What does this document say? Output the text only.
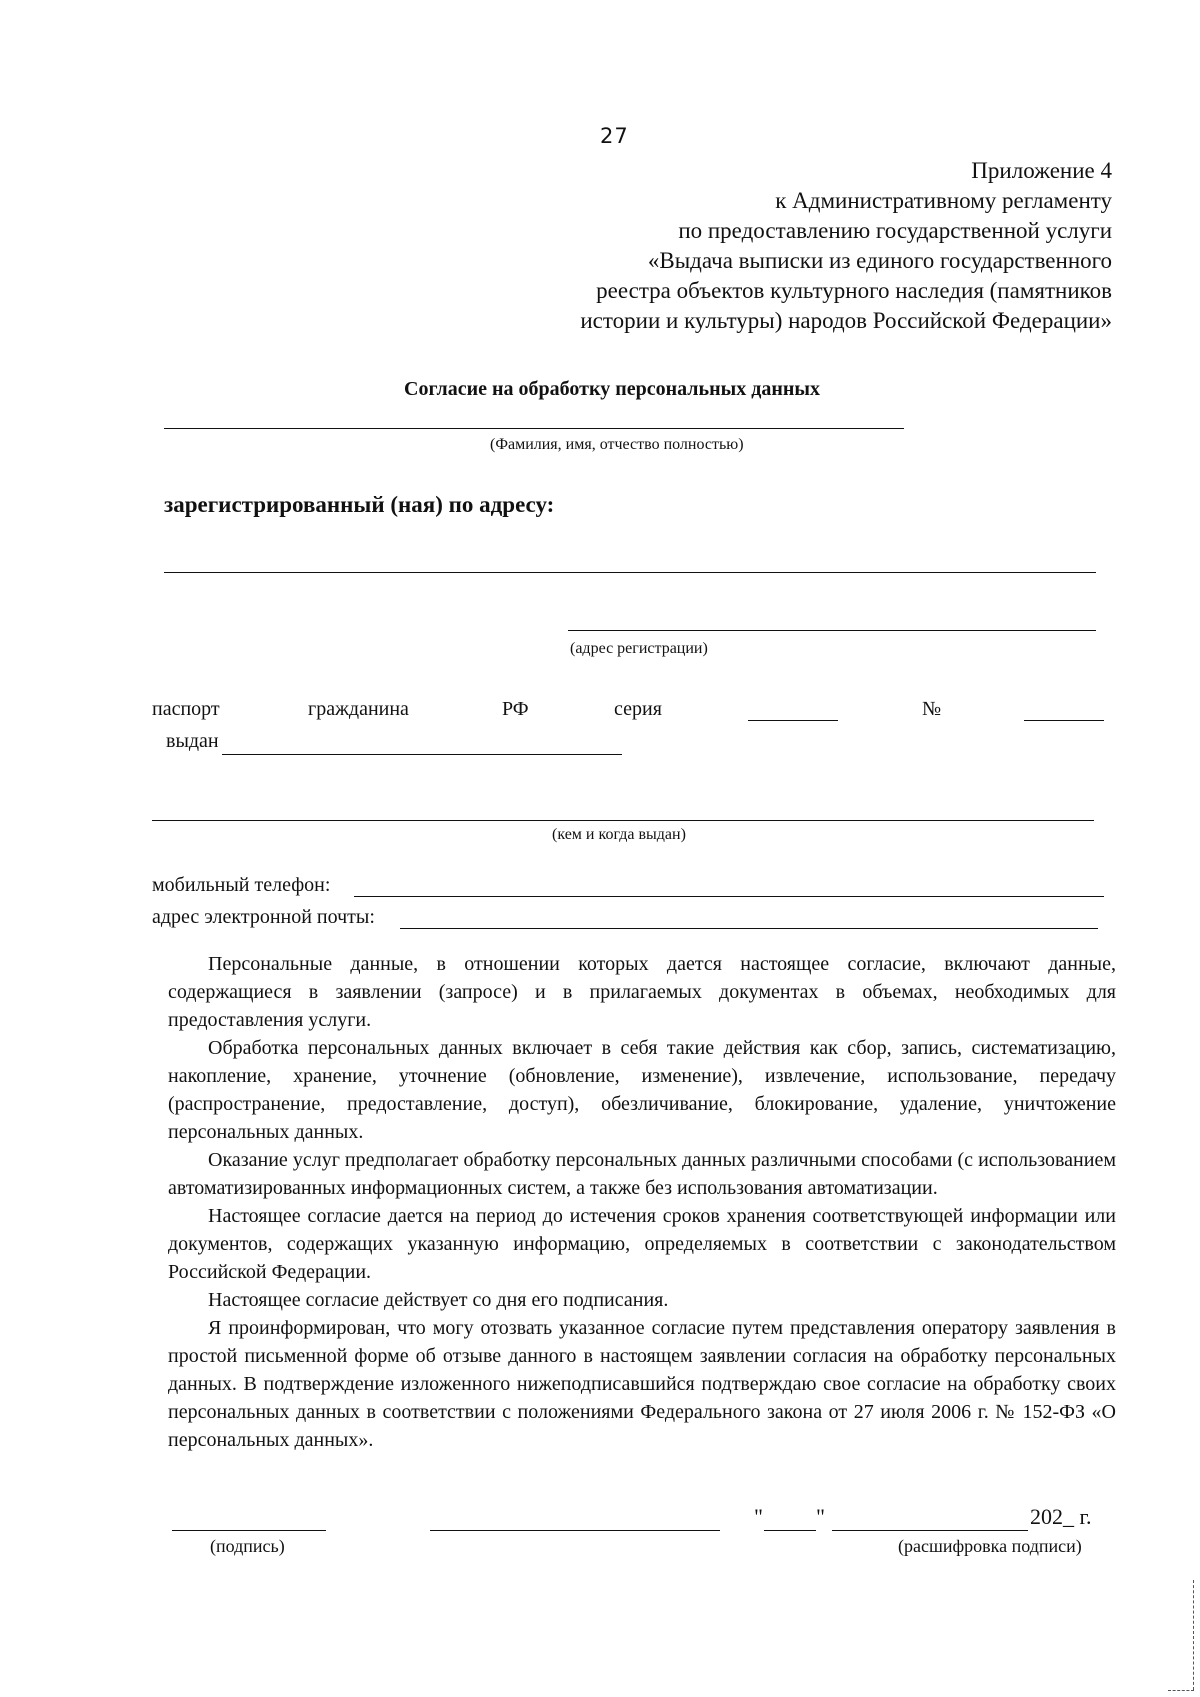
27
Приложение 4
к Административному регламенту
по предоставлению государственной услуги
«Выдача выписки из единого государственного
реестра объектов культурного наследия (памятников
истории и культуры) народов Российской Федерации»
Согласие на обработку персональных данных
(Фамилия, имя, отчество полностью)
зарегистрированный (ная) по адресу:
(адрес регистрации)
паспорт	гражданина	РФ	серия	№
выдан
(кем и когда выдан)
мобильный телефон:
адрес электронной почты:

Персональные данные, в отношении которых дается настоящее согласие, включают данные, содержащиеся в заявлении (запросе) и в прилагаемых документах в объемах, необходимых для предоставления услуги.

Обработка персональных данных включает в себя такие действия как сбор, запись, систематизацию, накопление, хранение, уточнение (обновление, изменение), извлечение, использование, передачу (распространение, предоставление, доступ), обезличивание, блокирование, удаление, уничтожение персональных данных.

Оказание услуг предполагает обработку персональных данных различными способами (с использованием автоматизированных информационных систем, а также без использования автоматизации.

Настоящее согласие дается на период до истечения сроков хранения соответствующей информации или документов, содержащих указанную информацию, определяемых в соответствии с законодательством Российской Федерации.

Настоящее согласие действует со дня его подписания.

Я проинформирован, что могу отозвать указанное согласие путем представления оператору заявления в простой письменной форме об отзыве данного в настоящем заявлении согласия на обработку персональных данных. В подтверждение изложенного нижеподписавшийся подтверждаю свое согласие на обработку своих персональных данных в соответствии с положениями Федерального закона от 27 июля 2006 г. № 152-ФЗ «О персональных данных».

" "	202_ г.
(подпись)	(расшифровка подписи)
